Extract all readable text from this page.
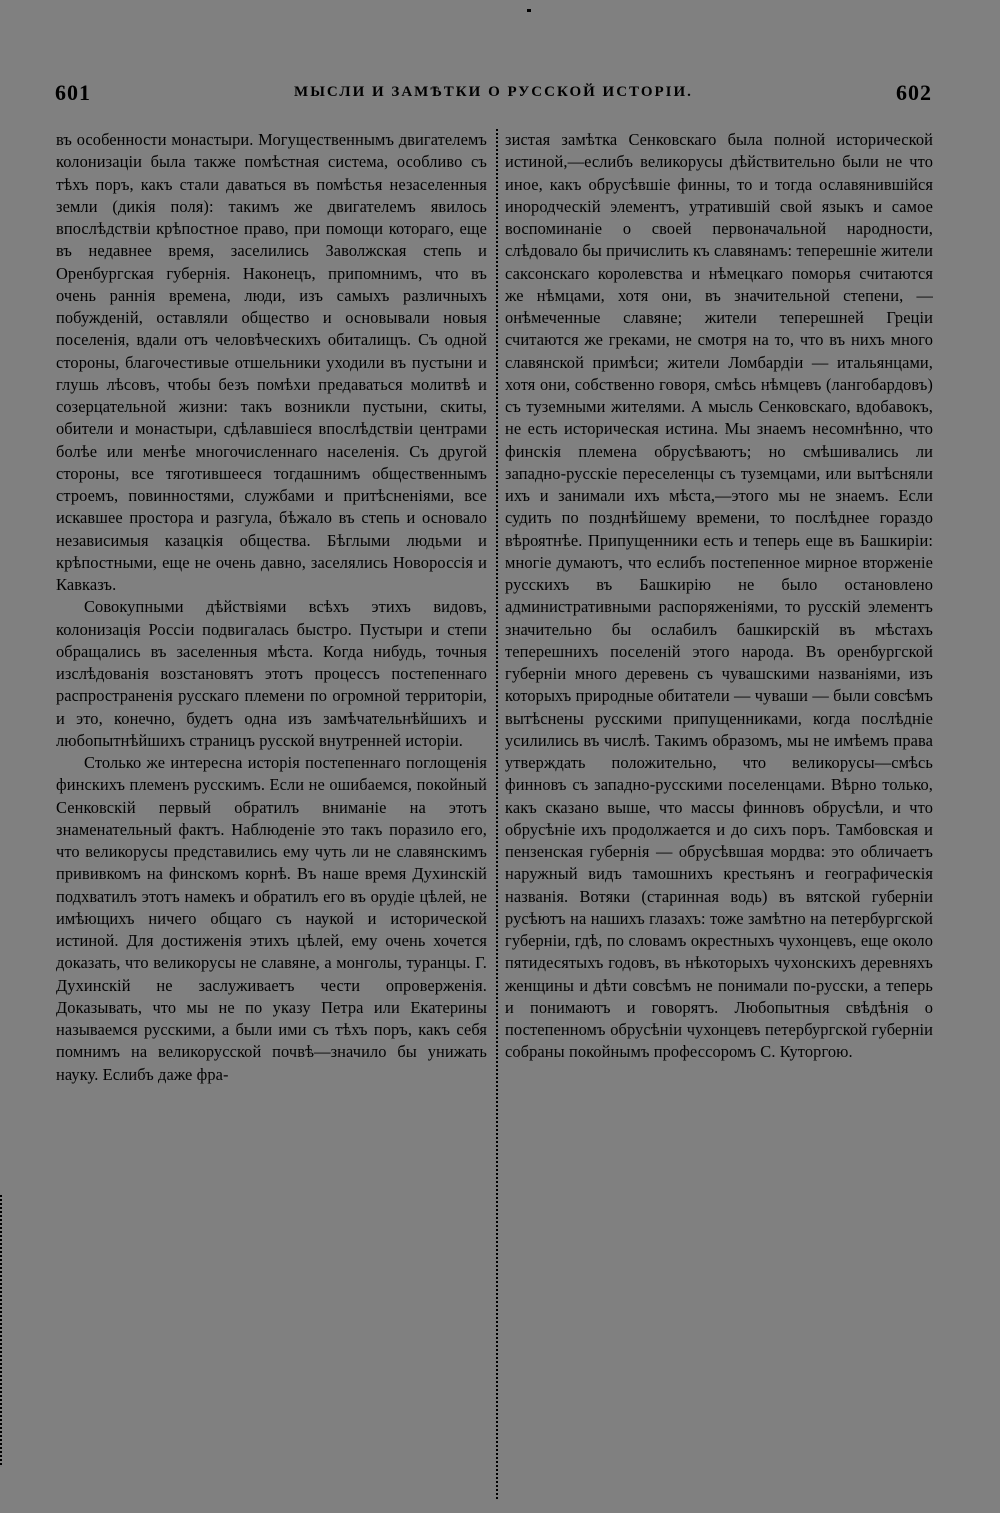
601	МЫСЛИ И ЗАМѢТКИ О РУССКОЙ ИСТОРІИ.	602

въ особенности монастыри. Могущественнымъ двигателемъ колонизаціи была также помѣстная система, особливо съ тѣхъ поръ, какъ стали даваться въ помѣстья незаселенныя земли (дикія поля): такимъ же двигателемъ явилось впослѣдствіи крѣпостное право, при помощи котораго, еще въ недавнее время, заселились Заволжская степь и Оренбургская губернія. Наконецъ, припомнимъ, что въ очень раннія времена, люди, изъ самыхъ различныхъ побужденій, оставляли общество и основывали новыя поселенія, вдали отъ человѣческихъ обиталищъ. Съ одной стороны, благочестивые отшельники уходили въ пустыни и глушь лѣсовъ, чтобы безъ помѣхи предаваться молитвѣ и созерцательной жизни: такъ возникли пустыни, скиты, обители и монастыри, сдѣлавшіеся впослѣдствіи центрами болѣе или менѣе многочисленнаго населенія. Съ другой стороны, все тяготившееся тогдашнимъ общественнымъ строемъ, повинностями, службами и притѣсненіями, все искавшее простора и разгула, бѣжало въ степь и основало независимыя казацкія общества. Бѣглыми людьми и крѣпостными, еще не очень давно, заселялись Новороссія и Кавказъ.

Совокупными дѣйствіями всѣхъ этихъ видовъ, колонизація Россіи подвигалась быстро. Пустыри и степи обращались въ заселенныя мѣста. Когда нибудь, точныя изслѣдованія возстановятъ этотъ процессъ постепеннаго распространенія русскаго племени по огромной территоріи, и это, конечно, будетъ одна изъ замѣчательнѣйшихъ и любопытнѣйшихъ страницъ русской внутренней исторіи.

Столько же интересна исторія постепеннаго поглощенія финскихъ племенъ русскимъ. Если не ошибаемся, покойный Сенковскій первый обратилъ вниманіе на этотъ знаменательный фактъ. Наблюденіе это такъ поразило его, что великорусы представились ему чуть ли не славянскимъ прививкомъ на финскомъ корнѣ. Въ наше время Духинскій подхватилъ этотъ намекъ и обратилъ его въ орудіе цѣлей, не имѣющихъ ничего общаго съ наукой и исторической истиной. Для достиженія этихъ цѣлей, ему очень хочется доказать, что великорусы не славяне, а монголы, туранцы. Г. Духинскій не заслуживаетъ чести опроверженія. Доказывать, что мы не по указу Петра или Екатерины называемся русскими, а были ими съ тѣхъ поръ, какъ себя помнимъ на великорусской почвѣ—значило бы унижать науку. Еслибъ даже фра-

зистая замѣтка Сенковскаго была полной исторической истиной,—еслибъ великорусы дѣйствительно были не что иное, какъ обрусѣвшіе финны, то и тогда ославянившійся инородческій элементъ, утратившій свой языкъ и самое воспоминаніе о своей первоначальной народности, слѣдовало бы причислить къ славянамъ: теперешніе жители саксонскаго королевства и нѣмецкаго поморья считаются же нѣмцами, хотя они, въ значительной степени, — онѣмеченные славяне; жители теперешней Греціи считаются же греками, не смотря на то, что въ нихъ много славянской примѣси; жители Ломбардіи — итальянцами, хотя они, собственно говоря, смѣсь нѣмцевъ (лангобардовъ) съ туземными жителями. А мысль Сенковскаго, вдобавокъ, не есть историческая истина. Мы знаемъ несомнѣнно, что финскія племена обрусѣваютъ; но смѣшивались ли западно-русскіе переселенцы съ туземцами, или вытѣсняли ихъ и занимали ихъ мѣста,—этого мы не знаемъ. Если судить по позднѣйшему времени, то послѣднее гораздо вѣроятнѣе. Припущенники есть и теперь еще въ Башкиріи: многіе думаютъ, что еслибъ постепенное мирное вторженіе русскихъ въ Башкирію не было остановлено административными распоряженіями, то русскій элементъ значительно бы ослабилъ башкирскій въ мѣстахъ теперешнихъ поселеній этого народа. Въ оренбургской губерніи много деревень съ чувашскими названіями, изъ которыхъ природные обитатели — чуваши — были совсѣмъ вытѣснены русскими припущенниками, когда послѣдніе усилились въ числѣ. Такимъ образомъ, мы не имѣемъ права утверждать положительно, что великорусы—смѣсь финновъ съ западно-русскими поселенцами. Вѣрно только, какъ сказано выше, что массы финновъ обрусѣли, и что обрусѣніе ихъ продолжается и до сихъ поръ. Тамбовская и пензенская губернія — обрусѣвшая мордва: это обличаетъ наружный видъ тамошнихъ крестьянъ и географическія названія. Вотяки (старинная водь) въ вятской губерніи русѣютъ на нашихъ глазахъ: тоже замѣтно на петербургской губерніи, гдѣ, по словамъ окрестныхъ чухонцевъ, еще около пятидесятыхъ годовъ, въ нѣкоторыхъ чухонскихъ деревняхъ женщины и дѣти совсѣмъ не понимали по-русски, а теперь и понимаютъ и говорятъ. Любопытныя свѣдѣнія о постепенномъ обрусѣніи чухонцевъ петербургской губерніи собраны покойнымъ профессоромъ С. Куторгою.
